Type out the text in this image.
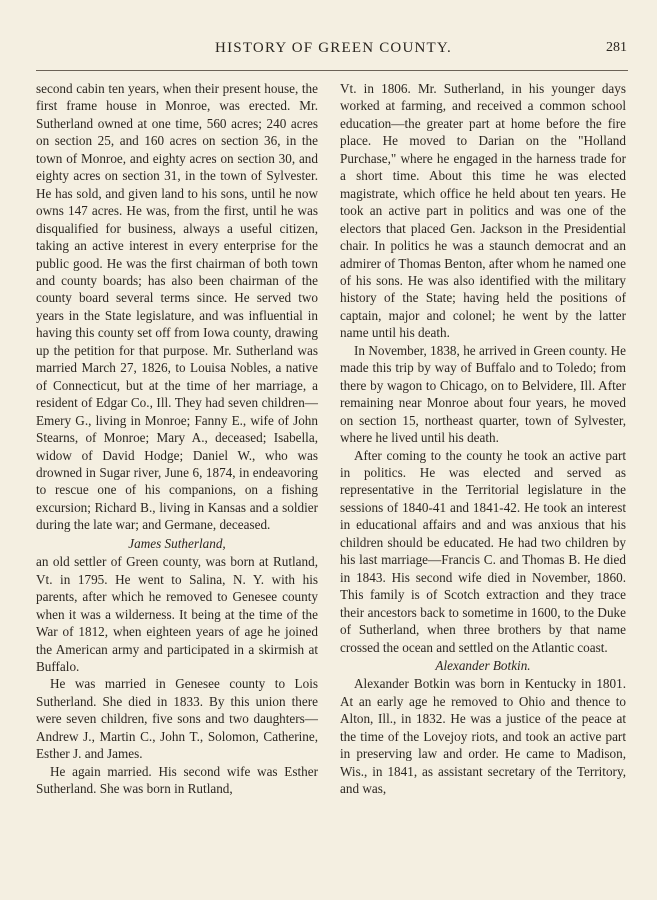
HISTORY OF GREEN COUNTY.	281

second cabin ten years, when their present house, the first frame house in Monroe, was erected. Mr. Sutherland owned at one time, 560 acres; 240 acres on section 25, and 160 acres on section 36, in the town of Monroe, and eighty acres on section 30, and eighty acres on section 31, in the town of Sylvester. He has sold, and given land to his sons, until he now owns 147 acres. He was, from the first, until he was disqualified for business, always a useful citizen, taking an active interest in every enterprise for the public good. He was the first chairman of both town and county boards; has also been chairman of the county board several terms since. He served two years in the State legislature, and was influential in having this county set off from Iowa county, drawing up the petition for that purpose. Mr. Sutherland was married March 27, 1826, to Louisa Nobles, a native of Connecticut, but at the time of her marriage, a resident of Edgar Co., Ill. They had seven children—Emery G., living in Monroe; Fanny E., wife of John Stearns, of Monroe; Mary A., deceased; Isabella, widow of David Hodge; Daniel W., who was drowned in Sugar river, June 6, 1874, in endeavoring to rescue one of his companions, on a fishing excursion; Richard B., living in Kansas and a soldier during the late war; and Germane, deceased.

James Sutherland,

an old settler of Green county, was born at Rutland, Vt. in 1795. He went to Salina, N. Y. with his parents, after which he removed to Genesee county when it was a wilderness. It being at the time of the War of 1812, when eighteen years of age he joined the American army and participated in a skirmish at Buffalo.

He was married in Genesee county to Lois Sutherland. She died in 1833. By this union there were seven children, five sons and two daughters—Andrew J., Martin C., John T., Solomon, Catherine, Esther J. and James.

He again married. His second wife was Esther Sutherland. She was born in Rutland,

Vt. in 1806. Mr. Sutherland, in his younger days worked at farming, and received a common school education—the greater part at home before the fire place. He moved to Darian on the "Holland Purchase," where he engaged in the harness trade for a short time. About this time he was elected magistrate, which office he held about ten years. He took an active part in politics and was one of the electors that placed Gen. Jackson in the Presidential chair. In politics he was a staunch democrat and an admirer of Thomas Benton, after whom he named one of his sons. He was also identified with the military history of the State; having held the positions of captain, major and colonel; he went by the latter name until his death.

In November, 1838, he arrived in Green county. He made this trip by way of Buffalo and to Toledo; from there by wagon to Chicago, on to Belvidere, Ill. After remaining near Monroe about four years, he moved on section 15, northeast quarter, town of Sylvester, where he lived until his death.

After coming to the county he took an active part in politics. He was elected and served as representative in the Territorial legislature in the sessions of 1840-41 and 1841-42. He took an interest in educational affairs and and was anxious that his children should be educated. He had two children by his last marriage—Francis C. and Thomas B. He died in 1843. His second wife died in November, 1860. This family is of Scotch extraction and they trace their ancestors back to sometime in 1600, to the Duke of Sutherland, when three brothers by that name crossed the ocean and settled on the Atlantic coast.

Alexander Botkin.

Alexander Botkin was born in Kentucky in 1801. At an early age he removed to Ohio and thence to Alton, Ill., in 1832. He was a justice of the peace at the time of the Lovejoy riots, and took an active part in preserving law and order. He came to Madison, Wis., in 1841, as assistant secretary of the Territory, and was,
